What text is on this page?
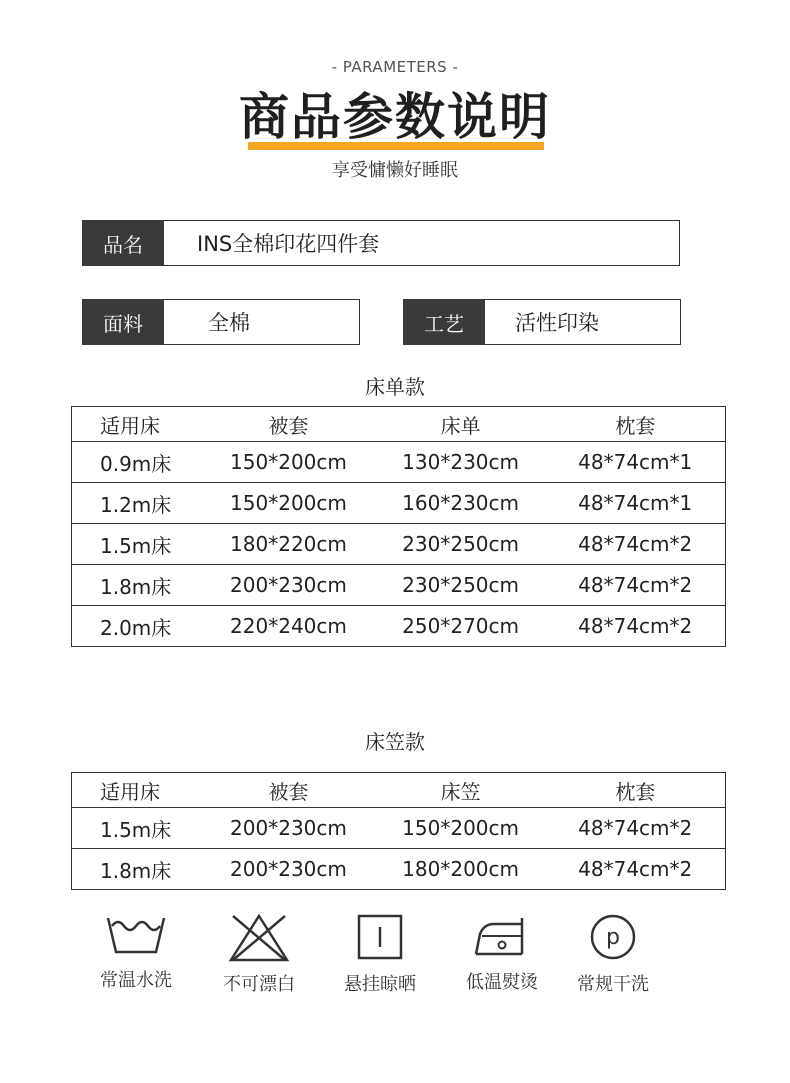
- PARAMETERS -
商品参数说明
享受慵懒好睡眠
品名	INS全棉印花四件套
面料	全棉	工艺	活性印染
床单款
适用床	被套	床单	枕套
0.9m床	150*200cm	130*230cm	48*74cm*1
1.2m床	150*200cm	160*230cm	48*74cm*1
1.5m床	180*220cm	230*250cm	48*74cm*2
1.8m床	200*230cm	230*250cm	48*74cm*2
2.0m床	220*240cm	250*270cm	48*74cm*2
床笠款
适用床	被套	床笠	枕套
1.5m床	200*230cm	150*200cm	48*74cm*2
1.8m床	200*230cm	180*200cm	48*74cm*2
常温水洗	不可漂白	悬挂晾晒	低温熨烫
p
常规干洗
